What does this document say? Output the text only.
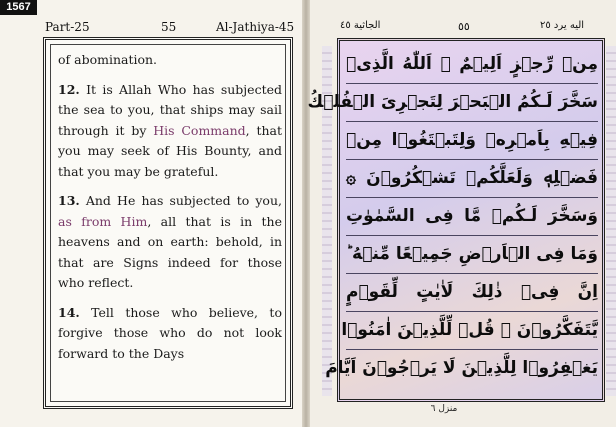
1567
Part-25	55	Al-Jathiya-45

of abomination.

12. It is Allah Who has subjected the sea to you, that ships may sail through it by His Command, that you may seek of His Bounty, and that you may be grateful.

13. And He has subjected to you, as from Him, all that is in the heavens and on earth: behold, in that are Signs indeed for those who reflect.

14. Tell those who believe, to forgive those who do not look forward to the Days

الجاثية ٤٥	٥٥	الیه یرد ٢٥
مِنۡ رِّجۡزٍ اَلِيۡمٌ ۞ اَللّٰهُ الَّذِىۡ
سَخَّرَ لَـكُمُ الۡبَحۡرَ لِتَجۡرِىَ الۡفُلۡكُ
فِيۡهِ بِاَمۡرِهٖ وَلِتَبۡتَغُوۡا مِنۡ
فَضۡلِهٖ وَلَعَلَّكُمۡ تَشۡكُرُوۡنَ ۞
وَسَخَّرَ لَـكُمۡ مَّا فِى السَّمٰوٰتِ
وَمَا فِى الۡاَرۡضِ جَمِيۡعًا مِّنۡهُ ؕ
اِنَّ فِىۡ ذٰلِكَ لَاٰيٰتٍ لِّقَوۡمٍ
يَّتَفَكَّرُوۡنَ ۞ قُلۡ لِّلَّذِيۡنَ اٰمَنُوۡا
يَغۡفِرُوۡا لِلَّذِيۡنَ لَا يَرۡجُوۡنَ اَيَّامَ
منزل ٦
